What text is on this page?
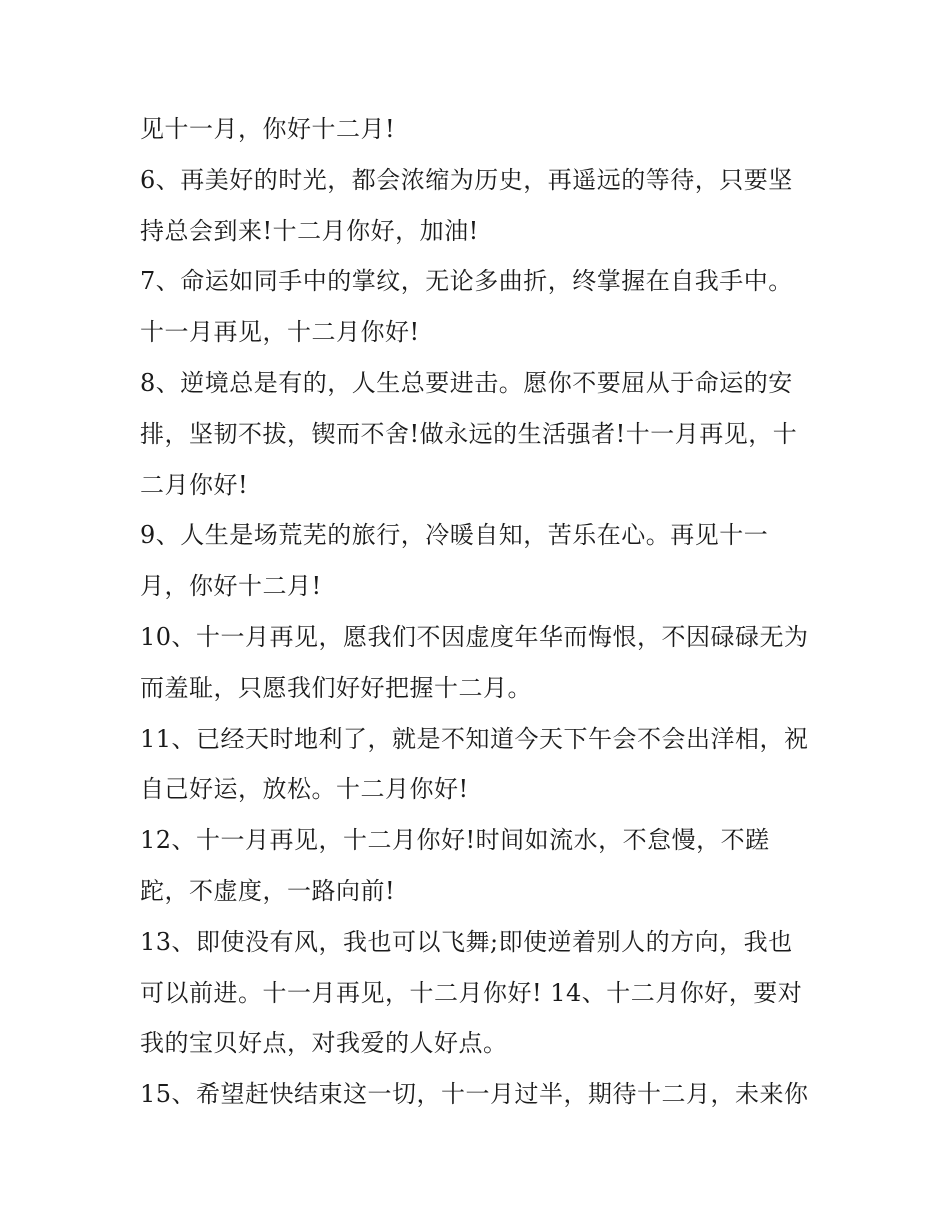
见十一月，你好十二月!
6、再美好的时光，都会浓缩为历史，再遥远的等待，只要坚
持总会到来!十二月你好，加油!
7、命运如同手中的掌纹，无论多曲折，终掌握在自我手中。
十一月再见，十二月你好!
8、逆境总是有的，人生总要进击。愿你不要屈从于命运的安
排，坚韧不拔，锲而不舍!做永远的生活强者!十一月再见，十
二月你好!
9、人生是场荒芜的旅行，冷暖自知，苦乐在心。再见十一
月，你好十二月!
10、十一月再见，愿我们不因虚度年华而悔恨，不因碌碌无为
而羞耻，只愿我们好好把握十二月。
11、已经天时地利了，就是不知道今天下午会不会出洋相，祝
自己好运，放松。十二月你好!
12、十一月再见，十二月你好!时间如流水，不怠慢，不蹉
跎，不虚度，一路向前!
13、即使没有风，我也可以飞舞;即使逆着别人的方向，我也
可以前进。十一月再见，十二月你好! 14、十二月你好，要对
我的宝贝好点，对我爱的人好点。
15、希望赶快结束这一切，十一月过半，期待十二月，未来你
